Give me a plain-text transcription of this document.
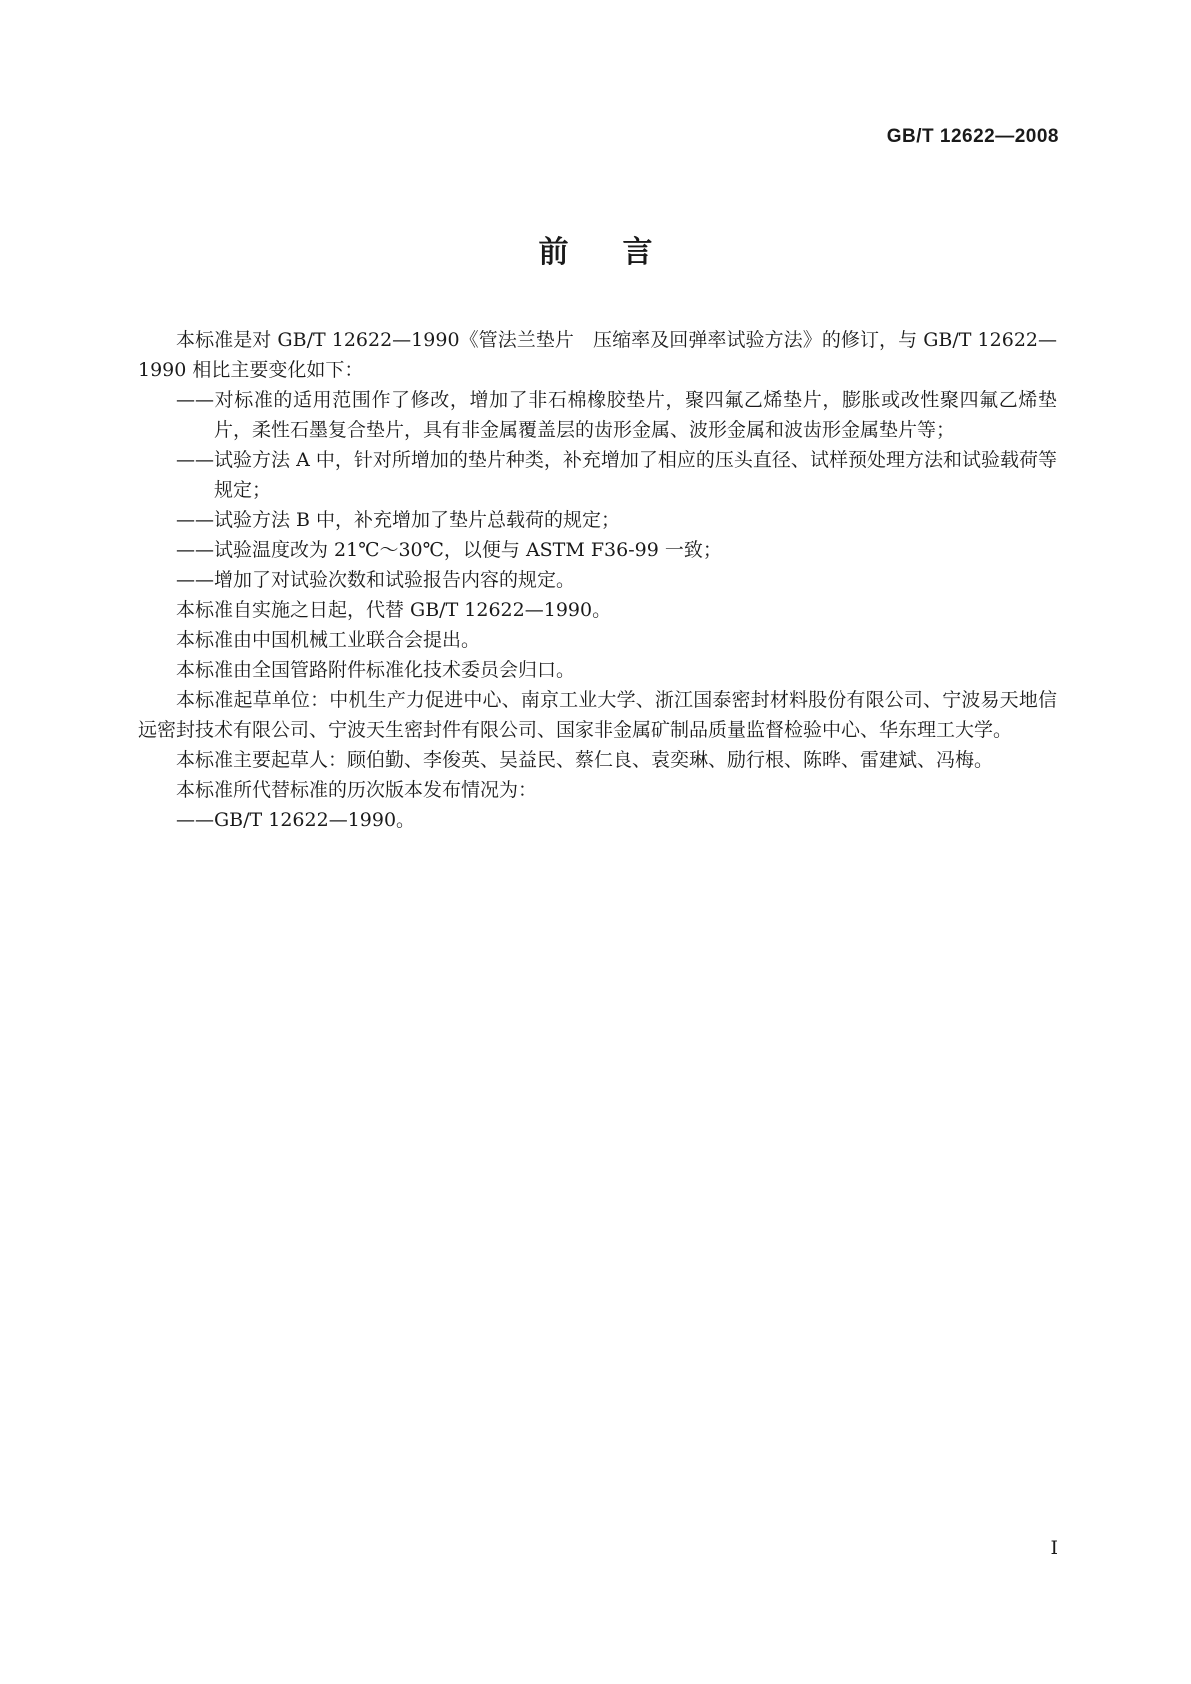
GB/T 12622—2008
前言

本标准是对 GB/T 12622—1990《管法兰垫片　压缩率及回弹率试验方法》的修订，与 GB/T 12622—1990 相比主要变化如下：

——对标准的适用范围作了修改，增加了非石棉橡胶垫片，聚四氟乙烯垫片，膨胀或改性聚四氟乙烯垫片，柔性石墨复合垫片，具有非金属覆盖层的齿形金属、波形金属和波齿形金属垫片等；

——试验方法 A 中，针对所增加的垫片种类，补充增加了相应的压头直径、试样预处理方法和试验载荷等规定；

——试验方法 B 中，补充增加了垫片总载荷的规定；

——试验温度改为 21℃～30℃，以便与 ASTM F36-99 一致；

——增加了对试验次数和试验报告内容的规定。

本标准自实施之日起，代替 GB/T 12622—1990。

本标准由中国机械工业联合会提出。

本标准由全国管路附件标准化技术委员会归口。

本标准起草单位：中机生产力促进中心、南京工业大学、浙江国泰密封材料股份有限公司、宁波易天地信远密封技术有限公司、宁波天生密封件有限公司、国家非金属矿制品质量监督检验中心、华东理工大学。

本标准主要起草人：顾伯勤、李俊英、吴益民、蔡仁良、袁奕琳、励行根、陈晔、雷建斌、冯梅。

本标准所代替标准的历次版本发布情况为：

——GB/T 12622—1990。

I
